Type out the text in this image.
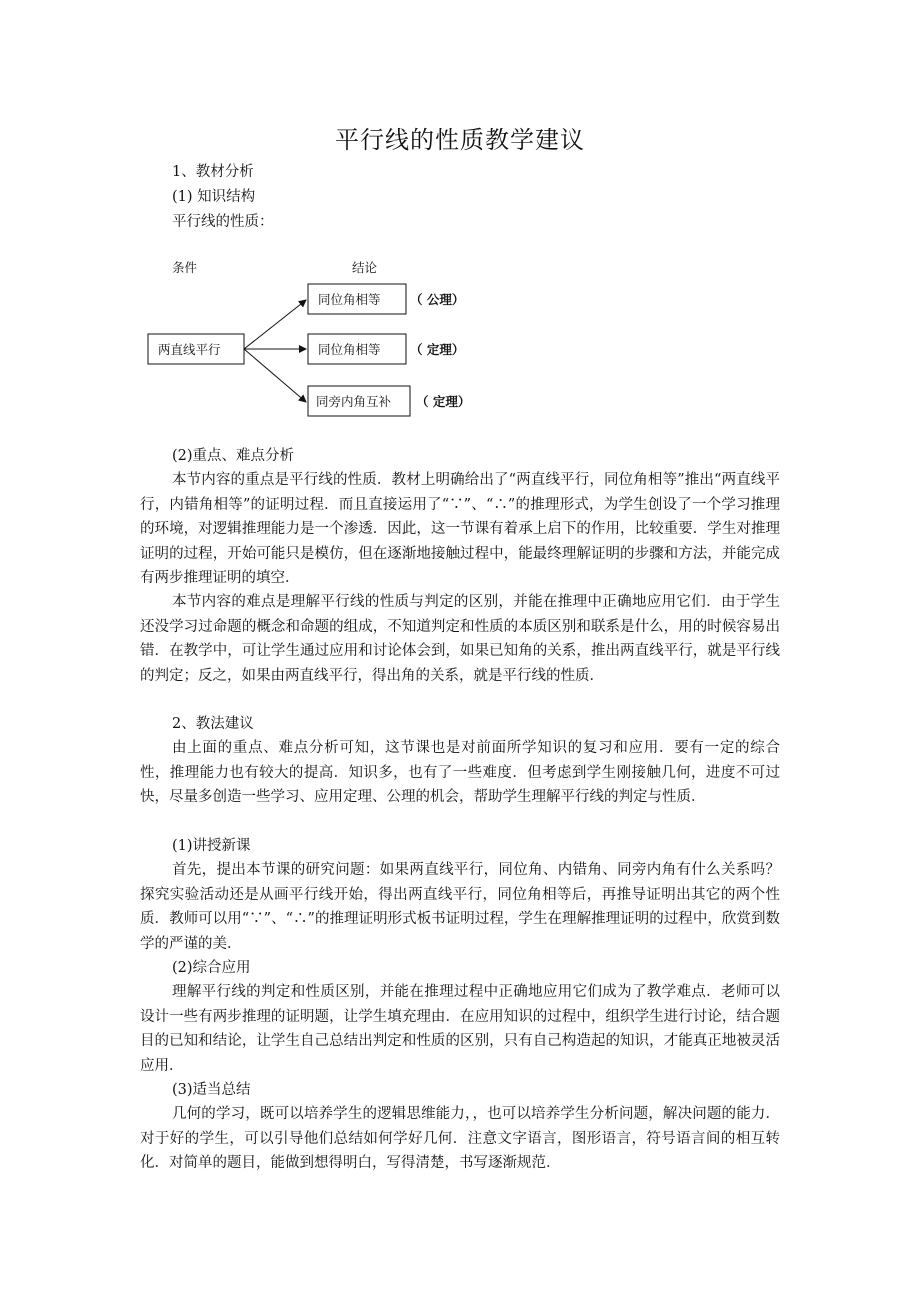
平行线的性质教学建议
1、教材分析
(1) 知识结构
平行线的性质：
条件	结论
两直线平行
同位角相等 （ 公理）
同位角相等 （ 定理）
同旁内角互补 （ 定理）
(2)重点、难点分析
本节内容的重点是平行线的性质．教材上明确给出了“两直线平行，同位角相等”推出“两直线平行，内错角相等”的证明过程．而且直接运用了“∵”、“∴”的推理形式，为学生创设了一个学习推理的环境，对逻辑推理能力是一个渗透．因此，这一节课有着承上启下的作用，比较重要．学生对推理证明的过程，开始可能只是模仿，但在逐渐地接触过程中，能最终理解证明的步骤和方法，并能完成有两步推理证明的填空．
本节内容的难点是理解平行线的性质与判定的区别，并能在推理中正确地应用它们．由于学生还没学习过命题的概念和命题的组成，不知道判定和性质的本质区别和联系是什么，用的时候容易出错．在教学中，可让学生通过应用和讨论体会到，如果已知角的关系，推出两直线平行，就是平行线的判定；反之，如果由两直线平行，得出角的关系，就是平行线的性质．
2、教法建议
由上面的重点、难点分析可知，这节课也是对前面所学知识的复习和应用．要有一定的综合性，推理能力也有较大的提高．知识多，也有了一些难度．但考虑到学生刚接触几何，进度不可过快，尽量多创造一些学习、应用定理、公理的机会，帮助学生理解平行线的判定与性质．
(1)讲授新课
首先，提出本节课的研究问题：如果两直线平行，同位角、内错角、同旁内角有什么关系吗？探究实验活动还是从画平行线开始，得出两直线平行，同位角相等后，再推导证明出其它的两个性质．教师可以用“∵”、“∴”的推理证明形式板书证明过程，学生在理解推理证明的过程中，欣赏到数学的严谨的美．
(2)综合应用
理解平行线的判定和性质区别，并能在推理过程中正确地应用它们成为了教学难点．老师可以设计一些有两步推理的证明题，让学生填充理由．在应用知识的过程中，组织学生进行讨论，结合题目的已知和结论，让学生自己总结出判定和性质的区别，只有自己构造起的知识，才能真正地被灵活应用．
(3)适当总结
几何的学习，既可以培养学生的逻辑思维能力，，也可以培养学生分析问题，解决问题的能力．对于好的学生，可以引导他们总结如何学好几何．注意文字语言，图形语言，符号语言间的相互转化．对简单的题目，能做到想得明白，写得清楚，书写逐渐规范．
